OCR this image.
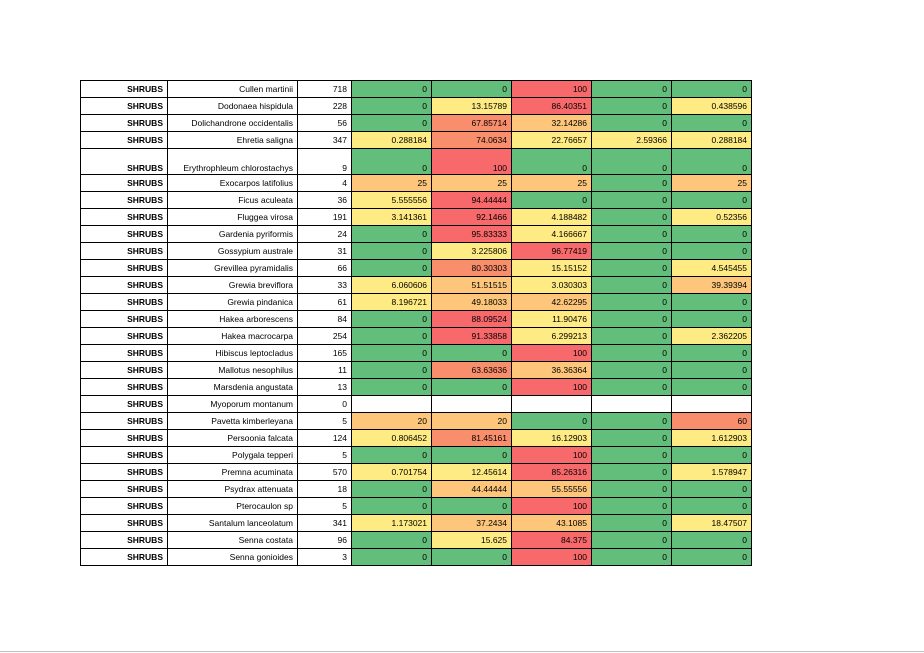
SHRUBS	Cullen martinii	718	0	0	100	0	0
SHRUBS	Dodonaea hispidula	228	0	13.15789	86.40351	0	0.438596
SHRUBS	Dolichandrone occidentalis	56	0	67.85714	32.14286	0	0
SHRUBS	Ehretia saligna	347	0.288184	74.0634	22.76657	2.59366	0.288184
SHRUBS	Erythrophleum chlorostachys	9	0	100	0	0	0
SHRUBS	Exocarpos latifolius	4	25	25	25	0	25
SHRUBS	Ficus aculeata	36	5.555556	94.44444	0	0	0
SHRUBS	Fluggea virosa	191	3.141361	92.1466	4.188482	0	0.52356
SHRUBS	Gardenia pyriformis	24	0	95.83333	4.166667	0	0
SHRUBS	Gossypium australe	31	0	3.225806	96.77419	0	0
SHRUBS	Grevillea pyramidalis	66	0	80.30303	15.15152	0	4.545455
SHRUBS	Grewia breviflora	33	6.060606	51.51515	3.030303	0	39.39394
SHRUBS	Grewia pindanica	61	8.196721	49.18033	42.62295	0	0
SHRUBS	Hakea arborescens	84	0	88.09524	11.90476	0	0
SHRUBS	Hakea macrocarpa	254	0	91.33858	6.299213	0	2.362205
SHRUBS	Hibiscus leptocladus	165	0	0	100	0	0
SHRUBS	Mallotus nesophilus	11	0	63.63636	36.36364	0	0
SHRUBS	Marsdenia angustata	13	0	0	100	0	0
SHRUBS	Myoporum montanum	0					
SHRUBS	Pavetta kimberleyana	5	20	20	0	0	60
SHRUBS	Persoonia falcata	124	0.806452	81.45161	16.12903	0	1.612903
SHRUBS	Polygala tepperi	5	0	0	100	0	0
SHRUBS	Premna acuminata	570	0.701754	12.45614	85.26316	0	1.578947
SHRUBS	Psydrax attenuata	18	0	44.44444	55.55556	0	0
SHRUBS	Pterocaulon sp	5	0	0	100	0	0
SHRUBS	Santalum lanceolatum	341	1.173021	37.2434	43.1085	0	18.47507
SHRUBS	Senna costata	96	0	15.625	84.375	0	0
SHRUBS	Senna gonioides	3	0	0	100	0	0
